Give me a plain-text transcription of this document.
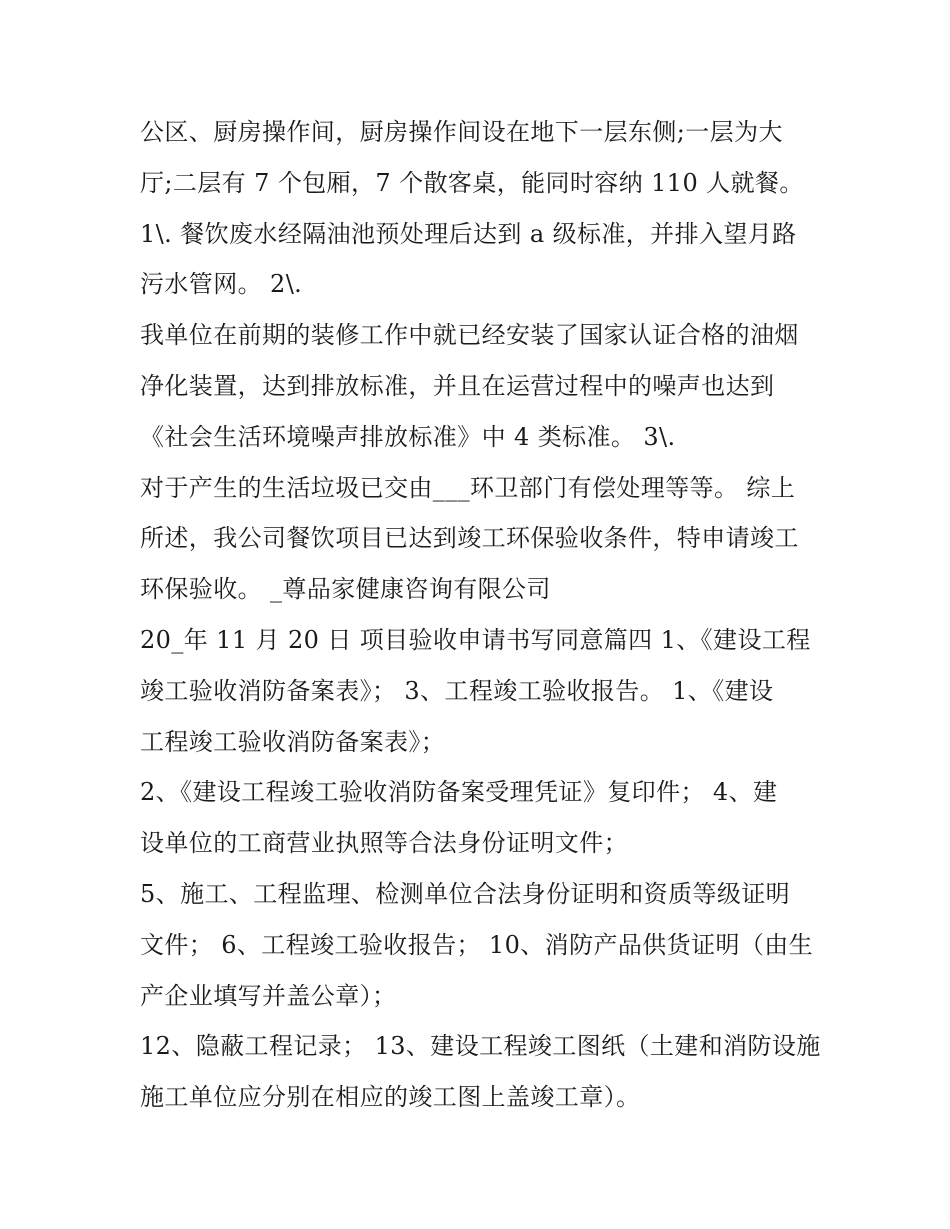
公区、厨房操作间，厨房操作间设在地下一层东侧;一层为大
厅;二层有 7 个包厢，7 个散客桌，能同时容纳 110 人就餐。
1\. 餐饮废水经隔油池预处理后达到 a 级标准，并排入望月路
污水管网。 2\.
我单位在前期的装修工作中就已经安装了国家认证合格的油烟
净化装置，达到排放标准，并且在运营过程中的噪声也达到
《社会生活环境噪声排放标准》中 4 类标准。 3\.
对于产生的生活垃圾已交由___环卫部门有偿处理等等。 综上
所述，我公司餐饮项目已达到竣工环保验收条件，特申请竣工
环保验收。 _尊品家健康咨询有限公司
20_年 11 月 20 日 项目验收申请书写同意篇四 1、《建设工程
竣工验收消防备案表》； 3、工程竣工验收报告。 1、《建设
工程竣工验收消防备案表》；
2、《建设工程竣工验收消防备案受理凭证》复印件； 4、建
设单位的工商营业执照等合法身份证明文件；
5、施工、工程监理、检测单位合法身份证明和资质等级证明
文件； 6、工程竣工验收报告； 10、消防产品供货证明（由生
产企业填写并盖公章）；
12、隐蔽工程记录； 13、建设工程竣工图纸（土建和消防设施
施工单位应分别在相应的竣工图上盖竣工章）。
